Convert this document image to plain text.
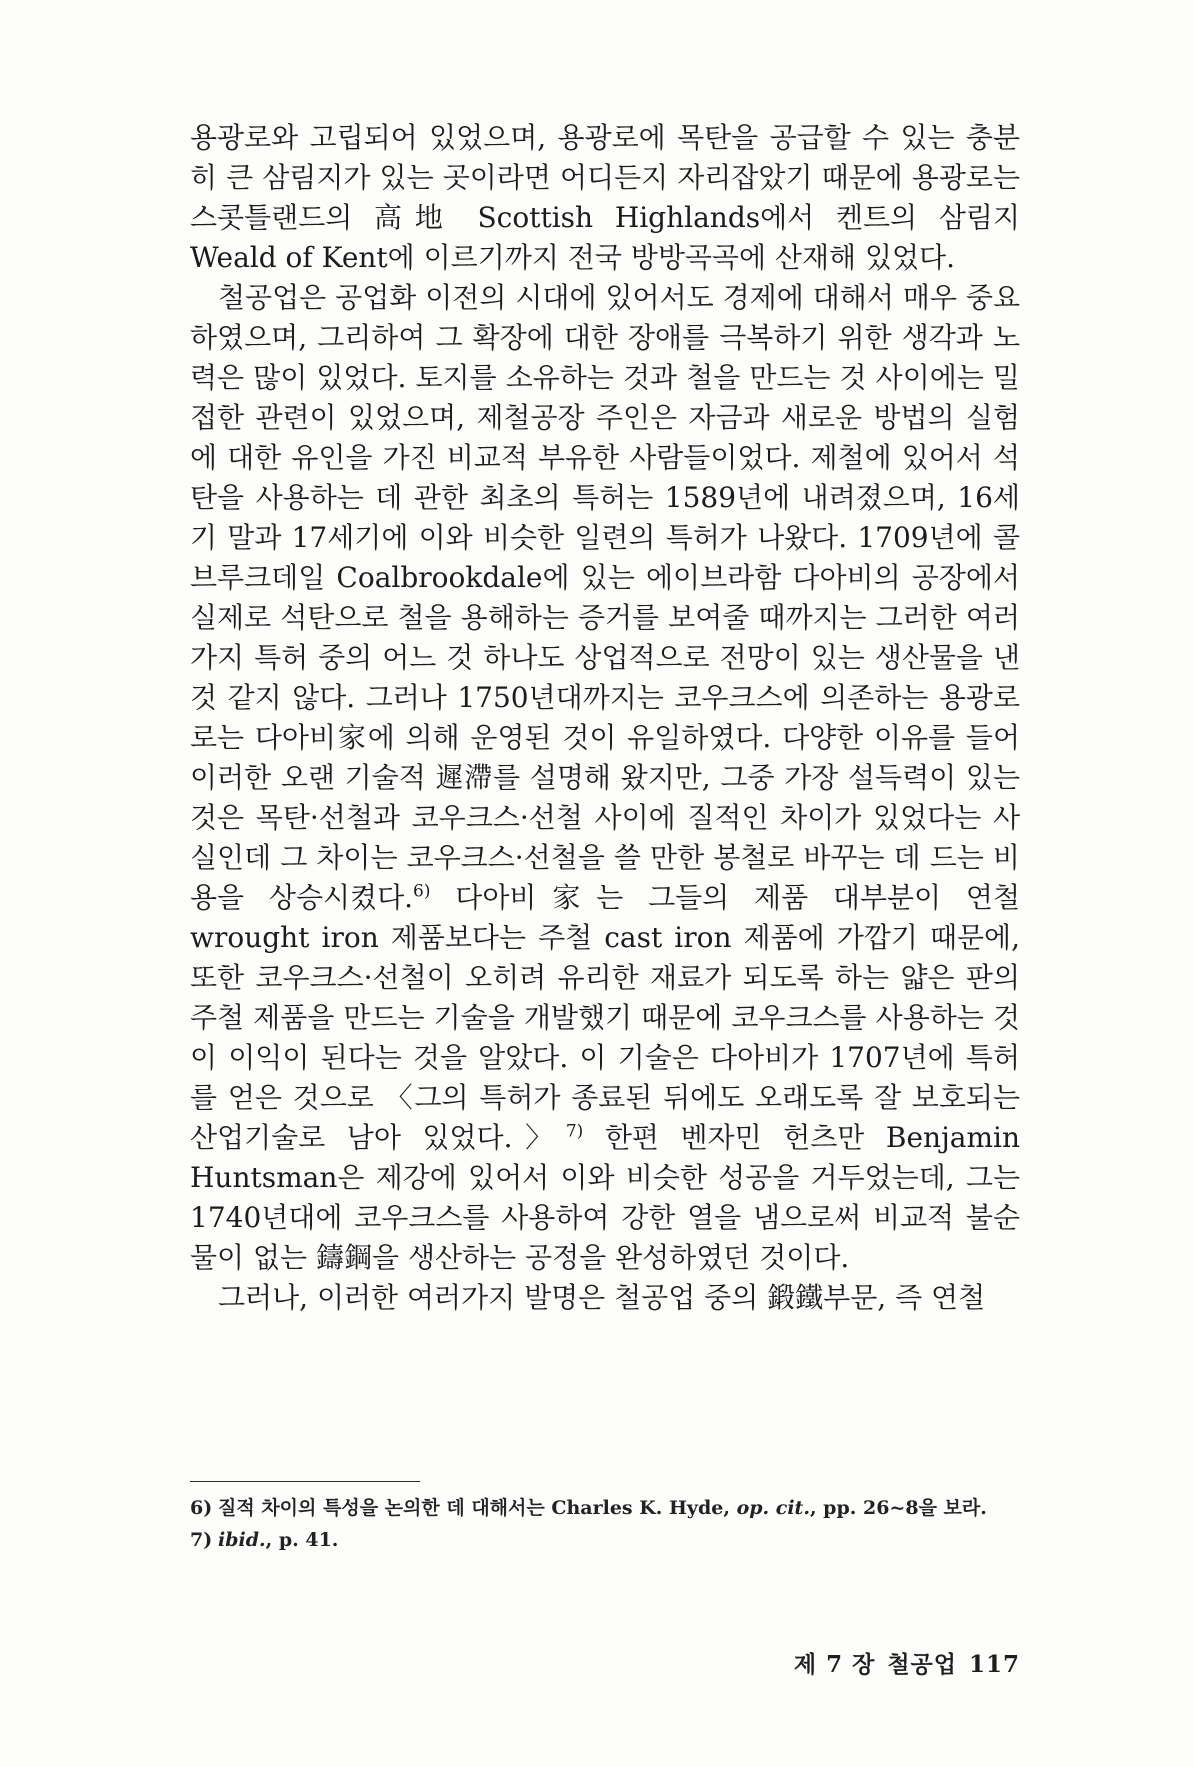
용광로와 고립되어 있었으며, 용광로에 목탄을 공급할 수 있는 충분히 큰 삼림지가 있는 곳이라면 어디든지 자리잡았기 때문에 용광로는 스콧틀랜드의 高地 Scottish Highlands에서 켄트의 삼림지 Weald of Kent에 이르기까지 전국 방방곡곡에 산재해 있었다.

철공업은 공업화 이전의 시대에 있어서도 경제에 대해서 매우 중요하였으며, 그리하여 그 확장에 대한 장애를 극복하기 위한 생각과 노력은 많이 있었다. 토지를 소유하는 것과 철을 만드는 것 사이에는 밀접한 관련이 있었으며, 제철공장 주인은 자금과 새로운 방법의 실험에 대한 유인을 가진 비교적 부유한 사람들이었다. 제철에 있어서 석탄을 사용하는 데 관한 최초의 특허는 1589년에 내려졌으며, 16세기 말과 17세기에 이와 비슷한 일련의 특허가 나왔다. 1709년에 콜브루크데일 Coalbrookdale에 있는 에이브라함 다아비의 공장에서 실제로 석탄으로 철을 용해하는 증거를 보여줄 때까지는 그러한 여러가지 특허 중의 어느 것 하나도 상업적으로 전망이 있는 생산물을 낸 것 같지 않다. 그러나 1750년대까지는 코우크스에 의존하는 용광로로는 다아비家에 의해 운영된 것이 유일하였다. 다양한 이유를 들어 이러한 오랜 기술적 遲滯를 설명해 왔지만, 그중 가장 설득력이 있는 것은 목탄·선철과 코우크스·선철 사이에 질적인 차이가 있었다는 사실인데 그 차이는 코우크스·선철을 쓸 만한 봉철로 바꾸는 데 드는 비용을 상승시켰다.$^{6)}$ 다아비家는 그들의 제품 대부분이 연철 wrought iron 제품보다는 주철 cast iron 제품에 가깝기 때문에, 또한 코우크스·선철이 오히려 유리한 재료가 되도록 하는 얇은 판의 주철 제품을 만드는 기술을 개발했기 때문에 코우크스를 사용하는 것이 이익이 된다는 것을 알았다. 이 기술은 다아비가 1707년에 특허를 얻은 것으로 〈그의 특허가 종료된 뒤에도 오래도록 잘 보호되는 산업기술로 남아 있었다.〉$^{7)}$ 한편 벤자민 헌츠만 Benjamin Huntsman은 제강에 있어서 이와 비슷한 성공을 거두었는데, 그는 1740년대에 코우크스를 사용하여 강한 열을 냄으로써 비교적 불순물이 없는 鑄鋼을 생산하는 공정을 완성하였던 것이다.

그러나, 이러한 여러가지 발명은 철공업 중의 鍛鐵부문, 즉 연철

6) 질적 차이의 특성을 논의한 데 대해서는 Charles K. Hyde, op. cit., pp. 26~8을 보라.

7) ibid., p. 41.

제 7 장 철공업 117
